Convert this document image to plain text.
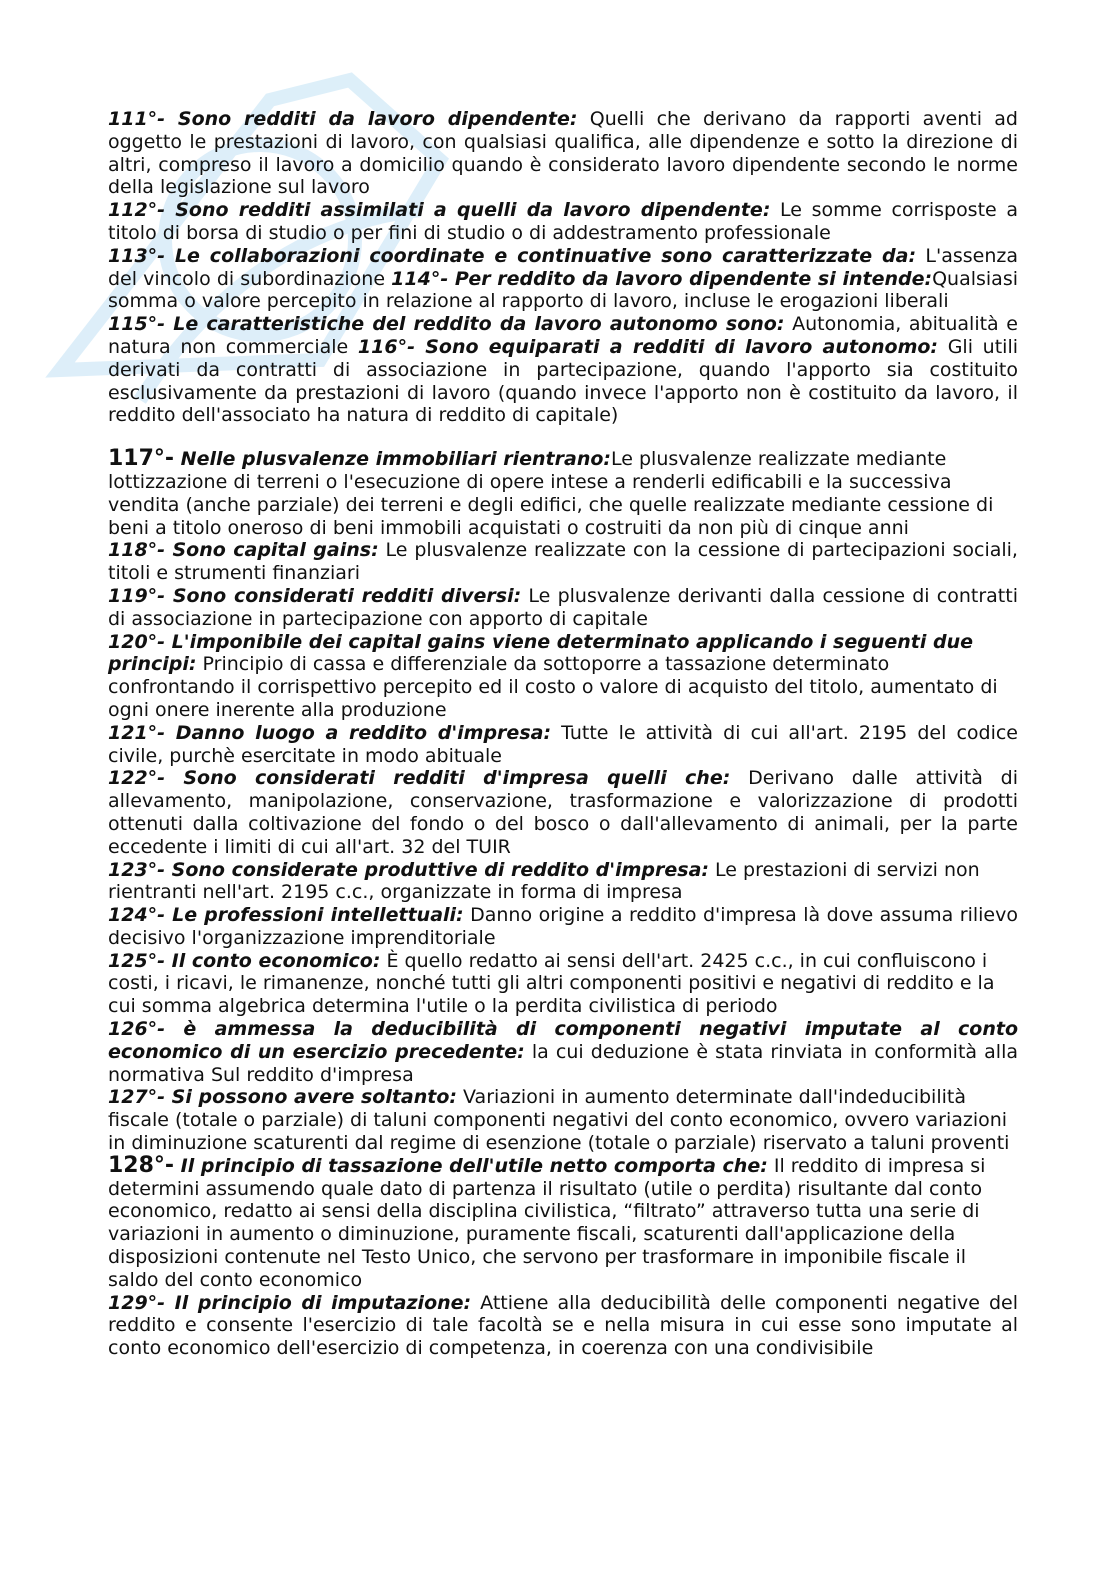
111°- Sono redditi da lavoro dipendente: Quelli che derivano da rapporti aventi ad oggetto le prestazioni di lavoro, con qualsiasi qualifica, alle dipendenze e sotto la direzione di altri, compreso il lavoro a domicilio quando è considerato lavoro dipendente secondo le norme della legislazione sul lavoro

112°- Sono redditi assimilati a quelli da lavoro dipendente: Le somme corrisposte a titolo di borsa di studio o per fini di studio o di addestramento professionale

113°- Le collaborazioni coordinate e continuative sono caratterizzate da: L'assenza del vincolo di subordinazione 114°- Per reddito da lavoro dipendente si intende:Qualsiasi somma o valore percepito in relazione al rapporto di lavoro, incluse le erogazioni liberali

115°- Le caratteristiche del reddito da lavoro autonomo sono: Autonomia, abitualità e natura non commerciale 116°- Sono equiparati a redditi di lavoro autonomo: Gli utili derivati da contratti di associazione in partecipazione, quando l'apporto sia costituito esclusivamente da prestazioni di lavoro (quando invece l'apporto non è costituito da lavoro, il reddito dell'associato ha natura di reddito di capitale)

117°- Nelle plusvalenze immobiliari rientrano:Le plusvalenze realizzate mediante lottizzazione di terreni o l'esecuzione di opere intese a renderli edificabili e la successiva vendita (anche parziale) dei terreni e degli edifici, che quelle realizzate mediante cessione di beni a titolo oneroso di beni immobili acquistati o costruiti da non più di cinque anni

118°- Sono capital gains: Le plusvalenze realizzate con la cessione di partecipazioni sociali, titoli e strumenti finanziari

119°- Sono considerati redditi diversi: Le plusvalenze derivanti dalla cessione di contratti di associazione in partecipazione con apporto di capitale

120°- L'imponibile dei capital gains viene determinato applicando i seguenti due principi: Principio di cassa e differenziale da sottoporre a tassazione determinato confrontando il corrispettivo percepito ed il costo o valore di acquisto del titolo, aumentato di ogni onere inerente alla produzione

121°- Danno luogo a reddito d'impresa: Tutte le attività di cui all'art. 2195 del codice civile, purchè esercitate in modo abituale

122°- Sono considerati redditi d'impresa quelli che: Derivano dalle attività di allevamento, manipolazione, conservazione, trasformazione e valorizzazione di prodotti ottenuti dalla coltivazione del fondo o del bosco o dall'allevamento di animali, per la parte eccedente i limiti di cui all'art. 32 del TUIR

123°- Sono considerate produttive di reddito d'impresa: Le prestazioni di servizi non rientranti nell'art. 2195 c.c., organizzate in forma di impresa

124°- Le professioni intellettuali: Danno origine a reddito d'impresa là dove assuma rilievo decisivo l'organizzazione imprenditoriale

125°- Il conto economico: È quello redatto ai sensi dell'art. 2425 c.c., in cui confluiscono i costi, i ricavi, le rimanenze, nonché tutti gli altri componenti positivi e negativi di reddito e la cui somma algebrica determina l'utile o la perdita civilistica di periodo

126°- è ammessa la deducibilità di componenti negativi imputate al conto economico di un esercizio precedente: la cui deduzione è stata rinviata in conformità alla normativa Sul reddito d'impresa

127°- Si possono avere soltanto: Variazioni in aumento determinate dall'indeducibilità fiscale (totale o parziale) di taluni componenti negativi del conto economico, ovvero variazioni in diminuzione scaturenti dal regime di esenzione (totale o parziale) riservato a taluni proventi

128°- Il principio di tassazione dell'utile netto comporta che: Il reddito di impresa si determini assumendo quale dato di partenza il risultato (utile o perdita) risultante dal conto economico, redatto ai sensi della disciplina civilistica, “filtrato” attraverso tutta una serie di variazioni in aumento o diminuzione, puramente fiscali, scaturenti dall'applicazione della disposizioni contenute nel Testo Unico, che servono per trasformare in imponibile fiscale il saldo del conto economico

129°- Il principio di imputazione: Attiene alla deducibilità delle componenti negative del reddito e consente l'esercizio di tale facoltà se e nella misura in cui esse sono imputate al conto economico dell'esercizio di competenza, in coerenza con una condivisibile
